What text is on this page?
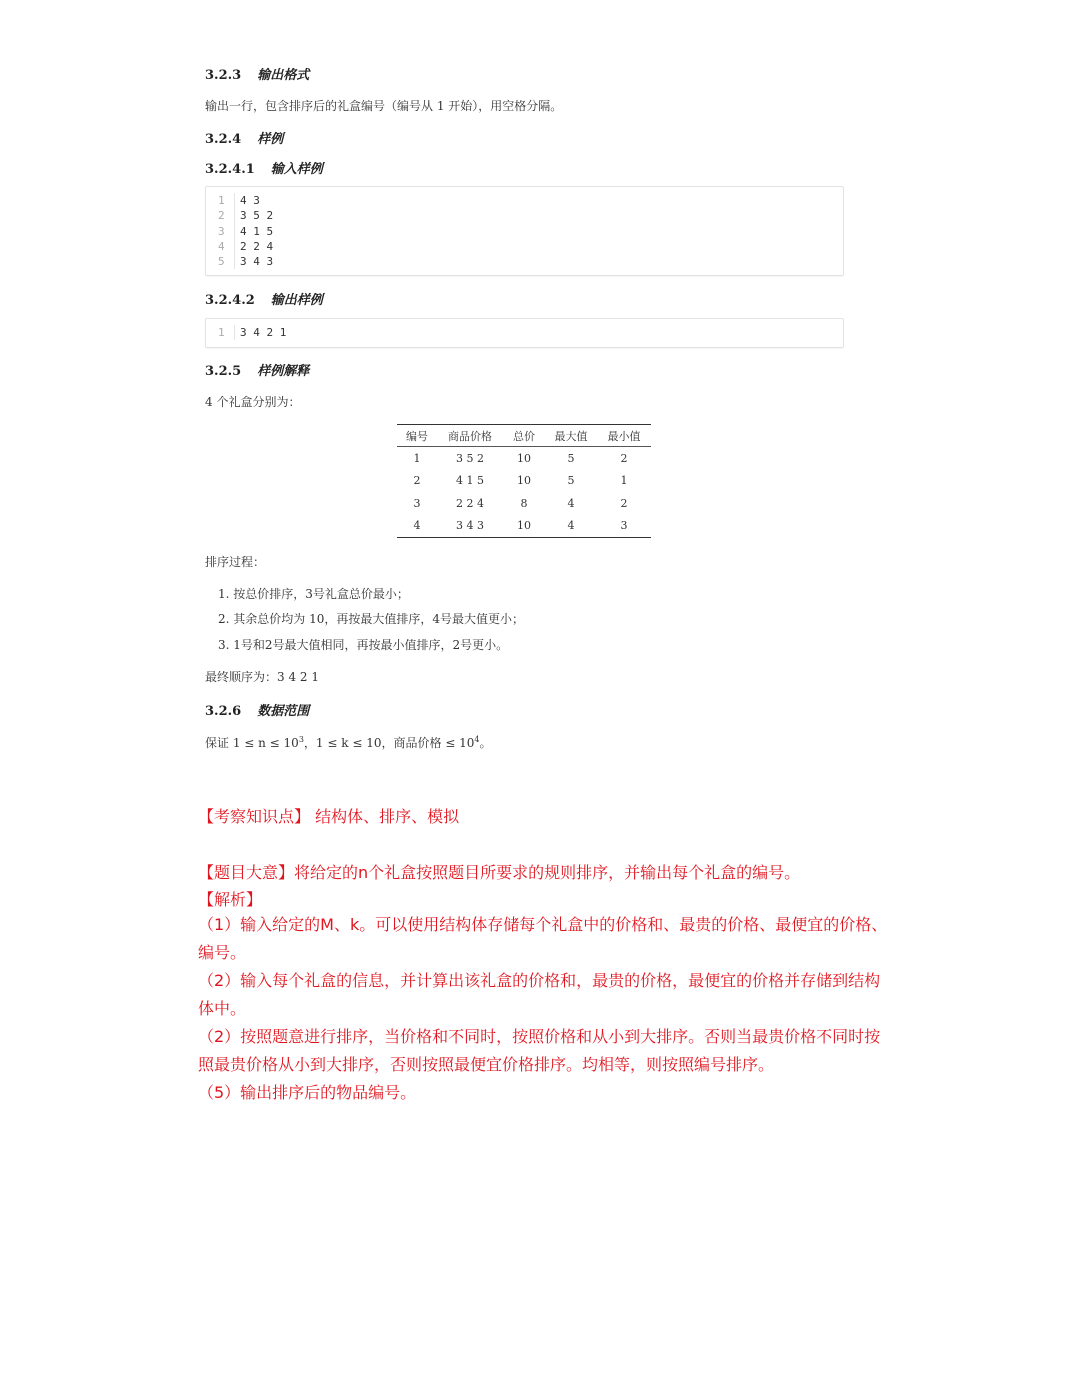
3.2.3 输出格式
输出一行，包含排序后的礼盒编号（编号从 1 开始），用空格分隔。
3.2.4 样例
3.2.4.1 输入样例
1 4 3
2 3 5 2
3 4 1 5
4 2 2 4
5 3 4 3
3.2.4.2 输出样例
1 3 4 2 1
3.2.5 样例解释
4 个礼盒分别为：
编号	商品价格	总价	最大值	最小值
1	3 5 2	10	5	2
2	4 1 5	10	5	1
3	2 2 4	8	4	2
4	3 4 3	10	4	3
排序过程：
1. 按总价排序，3号礼盒总价最小；
2. 其余总价均为 10，再按最大值排序，4号最大值更小；
3. 1号和2号最大值相同，再按最小值排序，2号更小。
最终顺序为：3 4 2 1
3.2.6 数据范围
保证 $1 \le n \le 10^3$，1 ≤ k ≤ 10，商品价格 ≤ $10^4$。
【考察知识点】 结构体、排序、模拟
【题目大意】将给定的n个礼盒按照题目所要求的规则排序，并输出每个礼盒的编号。
【解析】
（1）输入给定的M、k。可以使用结构体存储每个礼盒中的价格和、最贵的价格、最便宜的价格、编号。
（2）输入每个礼盒的信息，并计算出该礼盒的价格和，最贵的价格，最便宜的价格并存储到结构体中。
（2）按照题意进行排序，当价格和不同时，按照价格和从小到大排序。否则当最贵价格不同时按照最贵价格从小到大排序，否则按照最便宜价格排序。均相等，则按照编号排序。
（5）输出排序后的物品编号。
